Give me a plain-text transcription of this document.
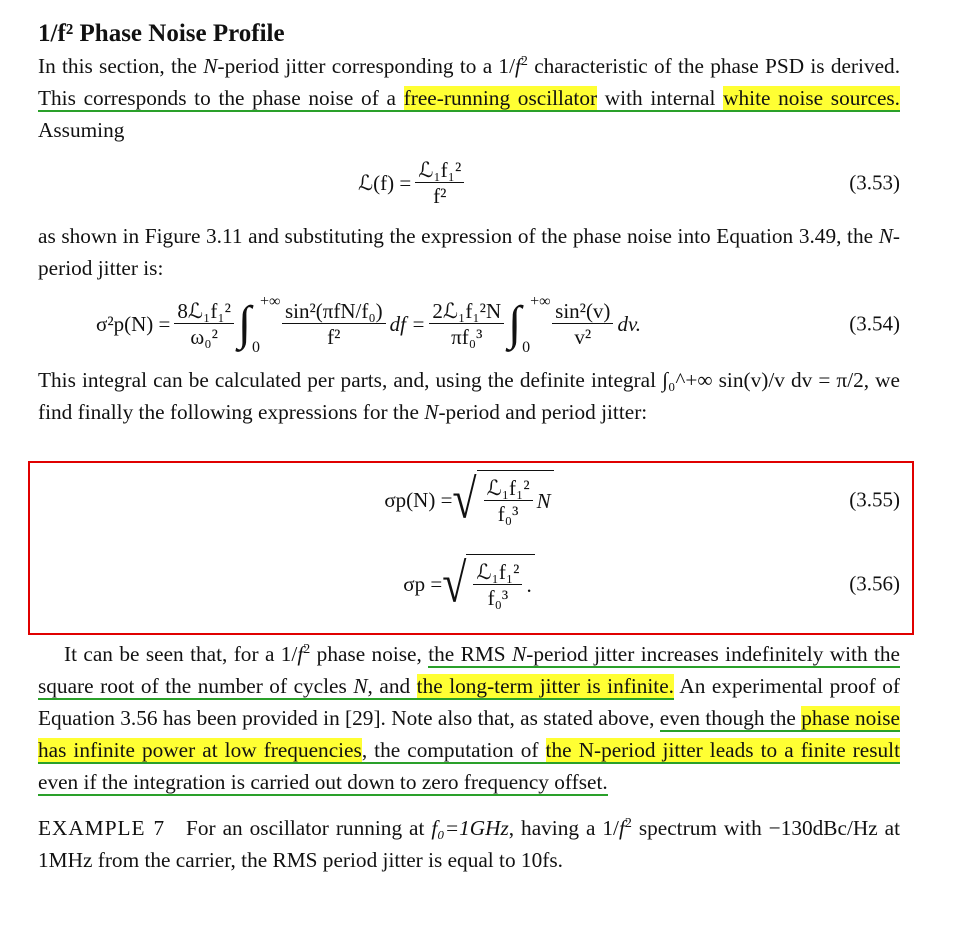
1/f² Phase Noise Profile

In this section, the N-period jitter corresponding to a $1/f^2$ characteristic of the phase PSD is derived. This corresponds to the phase noise of a free-running oscillator with internal white noise sources. Assuming

ℒ(f) = $\frac{\text{ℒ₁f₁²}}{\text{f²}}$	(3.53)

as shown in Figure 3.11 and substituting the expression of the phase noise into Equation 3.49, the N-period jitter is:

$\sigma^2p(N) = \frac{\text{8ℒ₁f₁²}}{\text{ω₀²}}$ ∫ +∞
$0 \frac{\text{sin²(πfN/f₀)}}{\text{f²}}$ df = $\frac{\text{2ℒ₁f₁²N}}{\text{πf₀³}}$ ∫ +∞
$0 \frac{\text{sin²(v)}}{\text{v²}}$ dv.	(3.54)

This integral can be calculated per parts, and, using the definite integral ∫₀^+∞ sin(v)/v dv = π/2, we find finally the following expressions for the N-period and period jitter:

σp(N) = √ $\frac{\text{ℒ₁f₁²}}{\text{f₀³}}$ N	(3.55)
σp = √ $\frac{\text{ℒ₁f₁²}}{\text{f₀³}}$ .	(3.56)

It can be seen that, for a $1/f^2$ phase noise, the RMS N-period jitter increases indefinitely with the square root of the number of cycles N, and the long-term jitter is infinite. An experimental proof of Equation 3.56 has been provided in [29]. Note also that, as stated above, even though the phase noise has infinite power at low frequencies, the computation of the N-period jitter leads to a finite result even if the integration is carried out down to zero frequency offset.

EXAMPLE 7 For an oscillator running at f₀=1GHz, having a $1/f^2$ spectrum with −130dBc/Hz at 1MHz from the carrier, the RMS period jitter is equal to 10fs.
